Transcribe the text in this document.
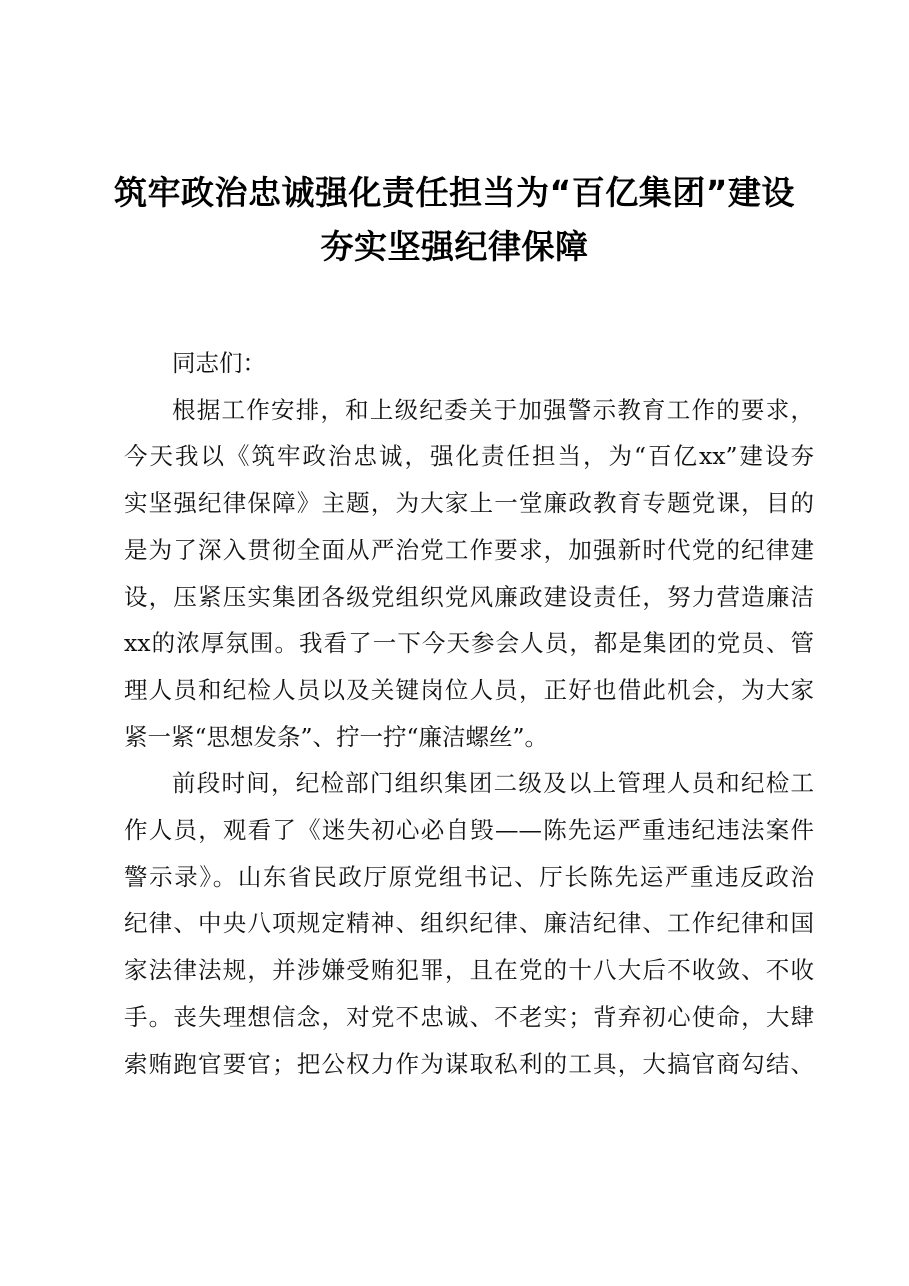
筑牢政治忠诚强化责任担当为“百亿集团”建设
夯实坚强纪律保障
同志们：
根据工作安排，和上级纪委关于加强警示教育工作的要求，
今天我以《筑牢政治忠诚，强化责任担当，为“百亿xx”建设夯
实坚强纪律保障》主题，为大家上一堂廉政教育专题党课，目的
是为了深入贯彻全面从严治党工作要求，加强新时代党的纪律建
设，压紧压实集团各级党组织党风廉政建设责任，努力营造廉洁
xx的浓厚氛围。我看了一下今天参会人员，都是集团的党员、管
理人员和纪检人员以及关键岗位人员，正好也借此机会，为大家
紧一紧“思想发条”、拧一拧“廉洁螺丝”。
前段时间，纪检部门组织集团二级及以上管理人员和纪检工
作人员，观看了《迷失初心必自毁——陈先运严重违纪违法案件
警示录》。山东省民政厅原党组书记、厅长陈先运严重违反政治
纪律、中央八项规定精神、组织纪律、廉洁纪律、工作纪律和国
家法律法规，并涉嫌受贿犯罪，且在党的十八大后不收敛、不收
手。丧失理想信念，对党不忠诚、不老实；背弃初心使命，大肆
索贿跑官要官；把公权力作为谋取私利的工具，大搞官商勾结、
